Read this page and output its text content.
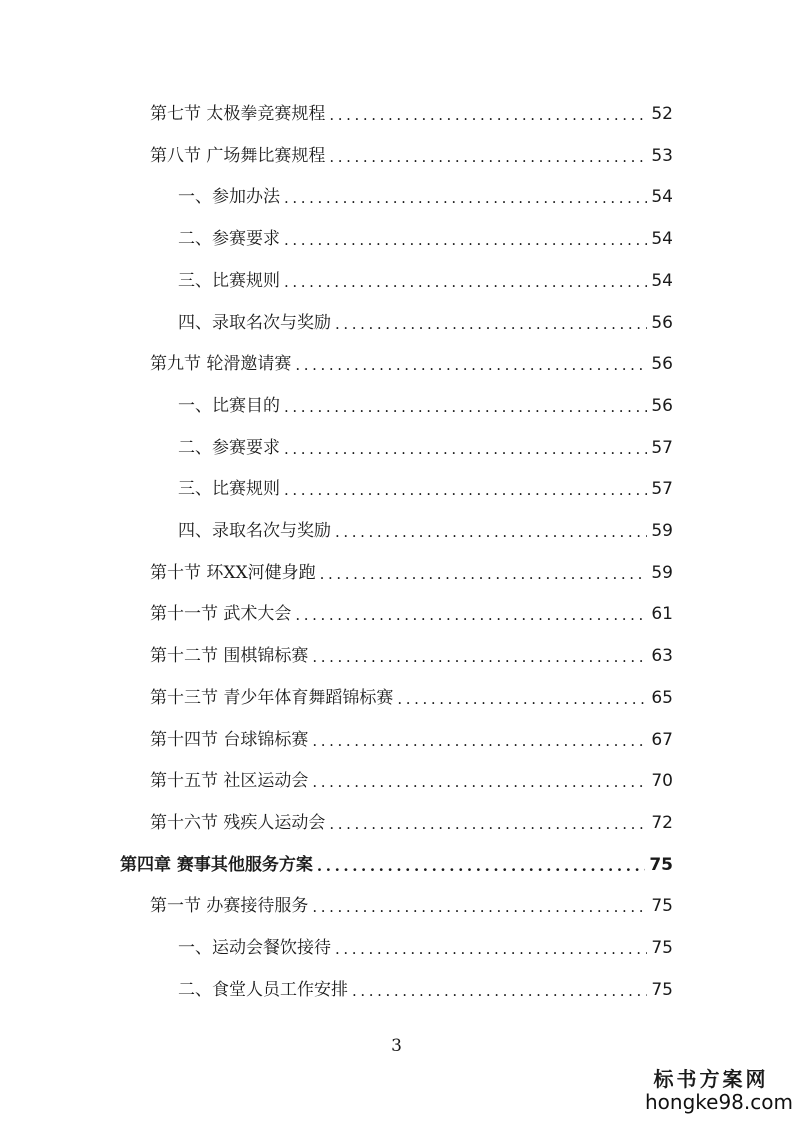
第七节 太极拳竞赛规程 .....	52
第八节 广场舞比赛规程 .....	53
一、参加办法 .....	54
二、参赛要求 .....	54
三、比赛规则 .....	54
四、录取名次与奖励 .....	56
第九节 轮滑邀请赛 .....	56
一、比赛目的 .....	56
二、参赛要求 .....	57
三、比赛规则 .....	57
四、录取名次与奖励 .....	59
第十节 环XX河健身跑 .....	59
第十一节 武术大会 .....	61
第十二节 围棋锦标赛 .....	63
第十三节 青少年体育舞蹈锦标赛 .....	65
第十四节 台球锦标赛 .....	67
第十五节 社区运动会 .....	70
第十六节 残疾人运动会 .....	72
第四章 赛事其他服务方案 .....	75
第一节 办赛接待服务 .....	75
一、运动会餐饮接待 .....	75
二、食堂人员工作安排 .....	75
3
标书方案网
hongke98.com
